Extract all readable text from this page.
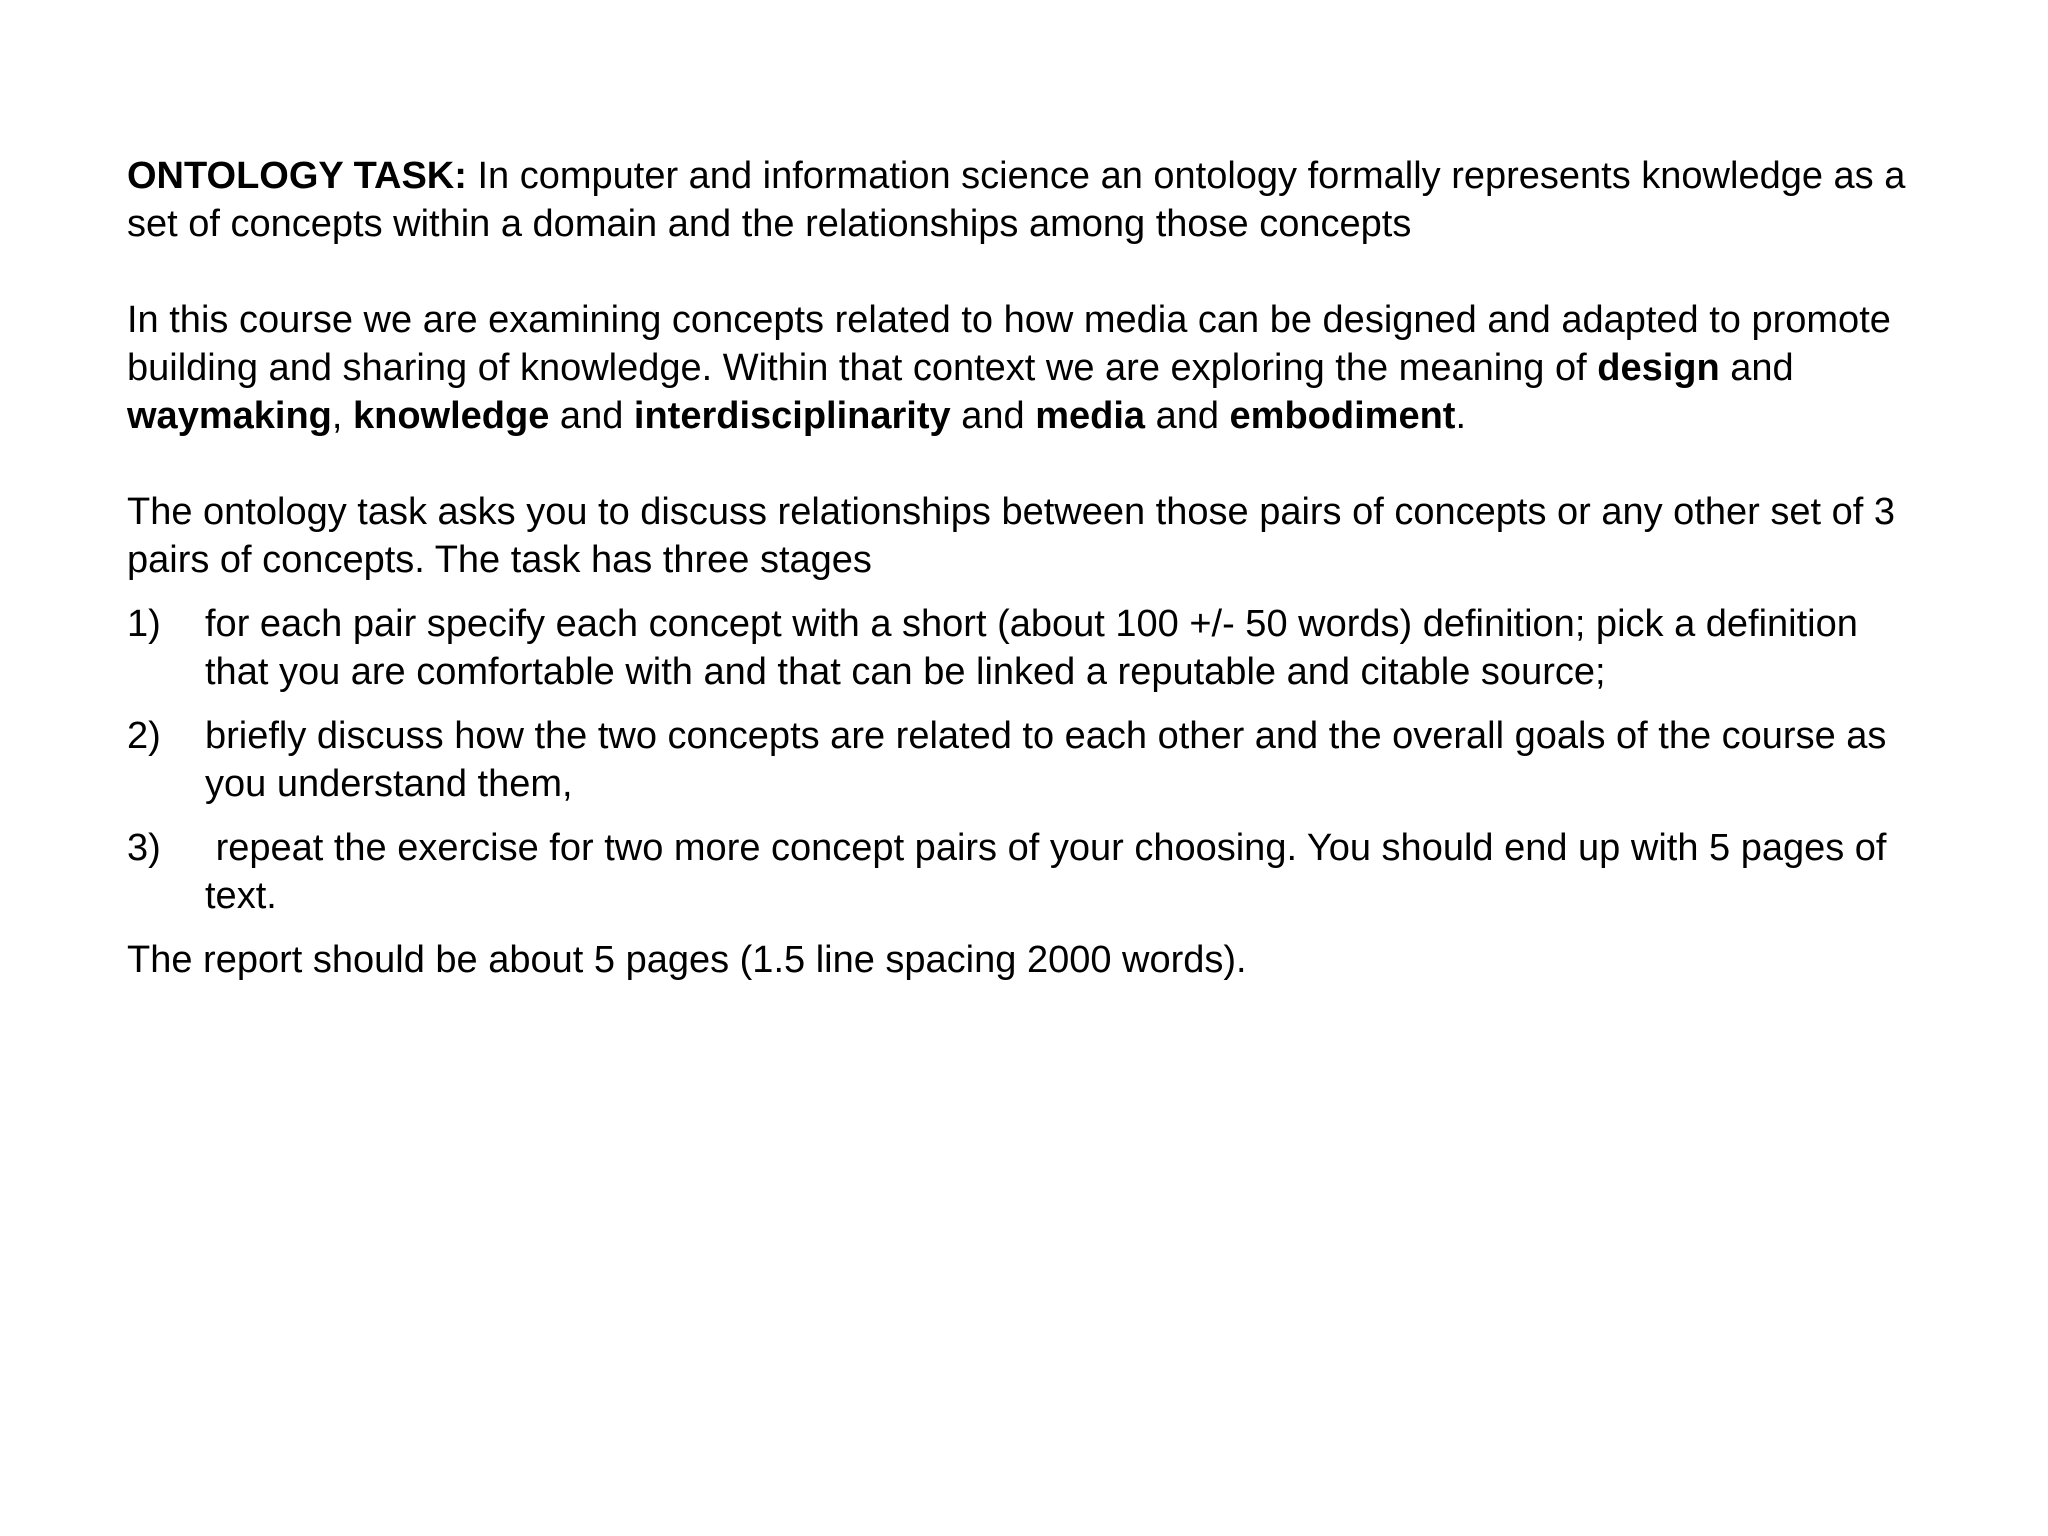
ONTOLOGY TASK: In computer and information science an ontology formally represents knowledge as a set of concepts within a domain and the relationships among those concepts

In this course we are examining concepts related to how media can be designed and adapted to promote building and sharing of knowledge. Within that context we are exploring the meaning of design and waymaking, knowledge and interdisciplinarity and media and embodiment.

The ontology task asks you to discuss relationships between those pairs of concepts or any other set of 3 pairs of concepts. The task has three stages

1) for each pair specify each concept with a short (about 100 +/- 50 words) definition; pick a definition that you are comfortable with and that can be linked a reputable and citable source;
2) briefly discuss how the two concepts are related to each other and the overall goals of the course as you understand them,
3) repeat the exercise for two more concept pairs of your choosing. You should end up with 5 pages of text.

The report should be about 5 pages (1.5 line spacing 2000 words).
